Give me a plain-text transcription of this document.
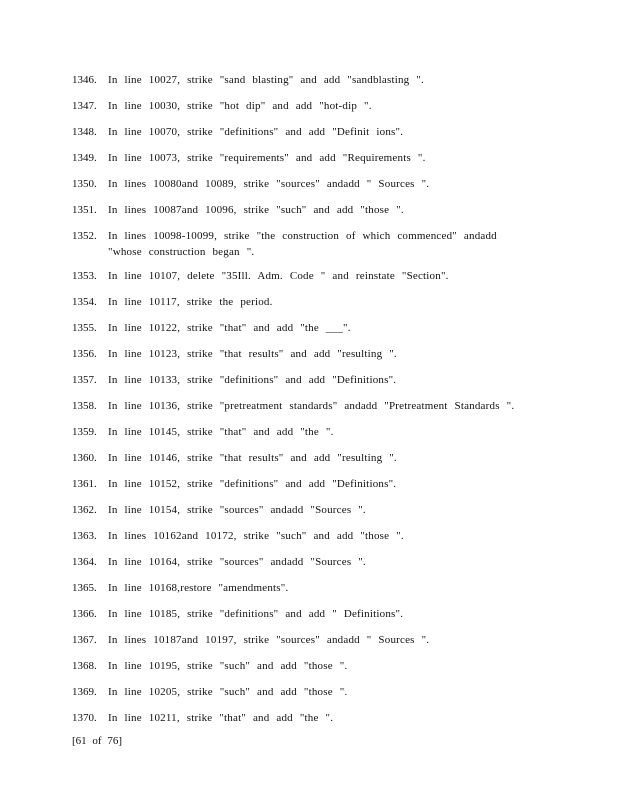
1346. In line 10027, strike "sand blasting" and add "sandblasting ".
1347. In line 10030, strike "hot dip" and add "hot-dip ".
1348. In line 10070, strike "definitions" and add "Definit ions".
1349. In line 10073, strike "requirements" and add "Requirements ".
1350. In lines 10080and 10089, strike "sources" andadd " Sources ".
1351. In lines 10087and 10096, strike "such" and add "those ".
1352. In lines 10098-10099, strike "the construction of which commenced" andadd "whose construction began ".
1353. In line 10107, delete "35Ill. Adm. Code " and reinstate "Section".
1354. In line 10117, strike the period.
1355. In line 10122, strike "that" and add "the ___".
1356. In line 10123, strike "that results" and add "resulting ".
1357. In line 10133, strike "definitions" and add "Definitions".
1358. In line 10136, strike "pretreatment standards" andadd "Pretreatment Standards ".
1359. In line 10145, strike "that" and add "the ".
1360. In line 10146, strike "that results" and add "resulting ".
1361. In line 10152, strike "definitions" and add "Definitions".
1362. In line 10154, strike "sources" andadd "Sources ".
1363. In lines 10162and 10172, strike "such" and add "those ".
1364. In line 10164, strike "sources" andadd "Sources ".
1365. In line 10168,restore "amendments".
1366. In line 10185, strike "definitions" and add " Definitions".
1367. In lines 10187and 10197, strike "sources" andadd " Sources ".
1368. In line 10195, strike "such" and add "those ".
1369. In line 10205, strike "such" and add "those ".
1370. In line 10211, strike "that" and add "the ".
[61 of 76]
